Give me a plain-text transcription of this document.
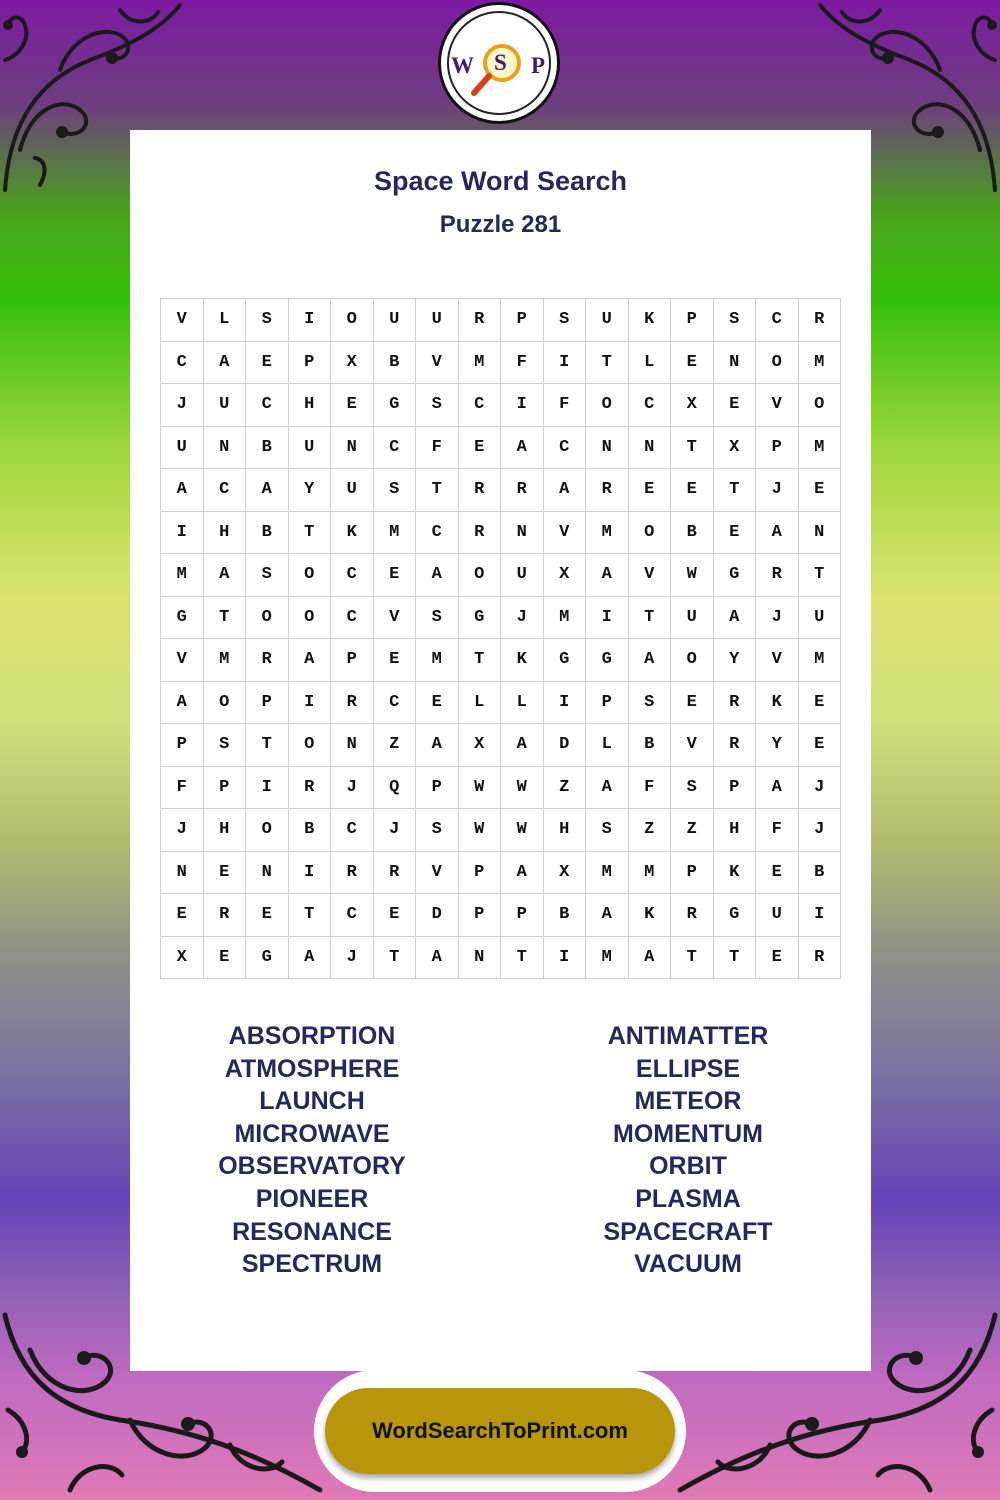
W S P
Space Word Search
Puzzle 281
V	L	S	I	O	U	U	R	P	S	U	K	P	S	C	R
C	A	E	P	X	B	V	M	F	I	T	L	E	N	O	M
J	U	C	H	E	G	S	C	I	F	O	C	X	E	V	O
U	N	B	U	N	C	F	E	A	C	N	N	T	X	P	M
A	C	A	Y	U	S	T	R	R	A	R	E	E	T	J	E
I	H	B	T	K	M	C	R	N	V	M	O	B	E	A	N
M	A	S	O	C	E	A	O	U	X	A	V	W	G	R	T
G	T	O	O	C	V	S	G	J	M	I	T	U	A	J	U
V	M	R	A	P	E	M	T	K	G	G	A	O	Y	V	M
A	O	P	I	R	C	E	L	L	I	P	S	E	R	K	E
P	S	T	O	N	Z	A	X	A	D	L	B	V	R	Y	E
F	P	I	R	J	Q	P	W	W	Z	A	F	S	P	A	J
J	H	O	B	C	J	S	W	W	H	S	Z	Z	H	F	J
N	E	N	I	R	R	V	P	A	X	M	M	P	K	E	B
E	R	E	T	C	E	D	P	P	B	A	K	R	G	U	I
X	E	G	A	J	T	A	N	T	I	M	A	T	T	E	R
ABSORPTION
ATMOSPHERE
LAUNCH
MICROWAVE
OBSERVATORY
PIONEER
RESONANCE
SPECTRUM
ANTIMATTER
ELLIPSE
METEOR
MOMENTUM
ORBIT
PLASMA
SPACECRAFT
VACUUM
WordSearchToPrint.com
